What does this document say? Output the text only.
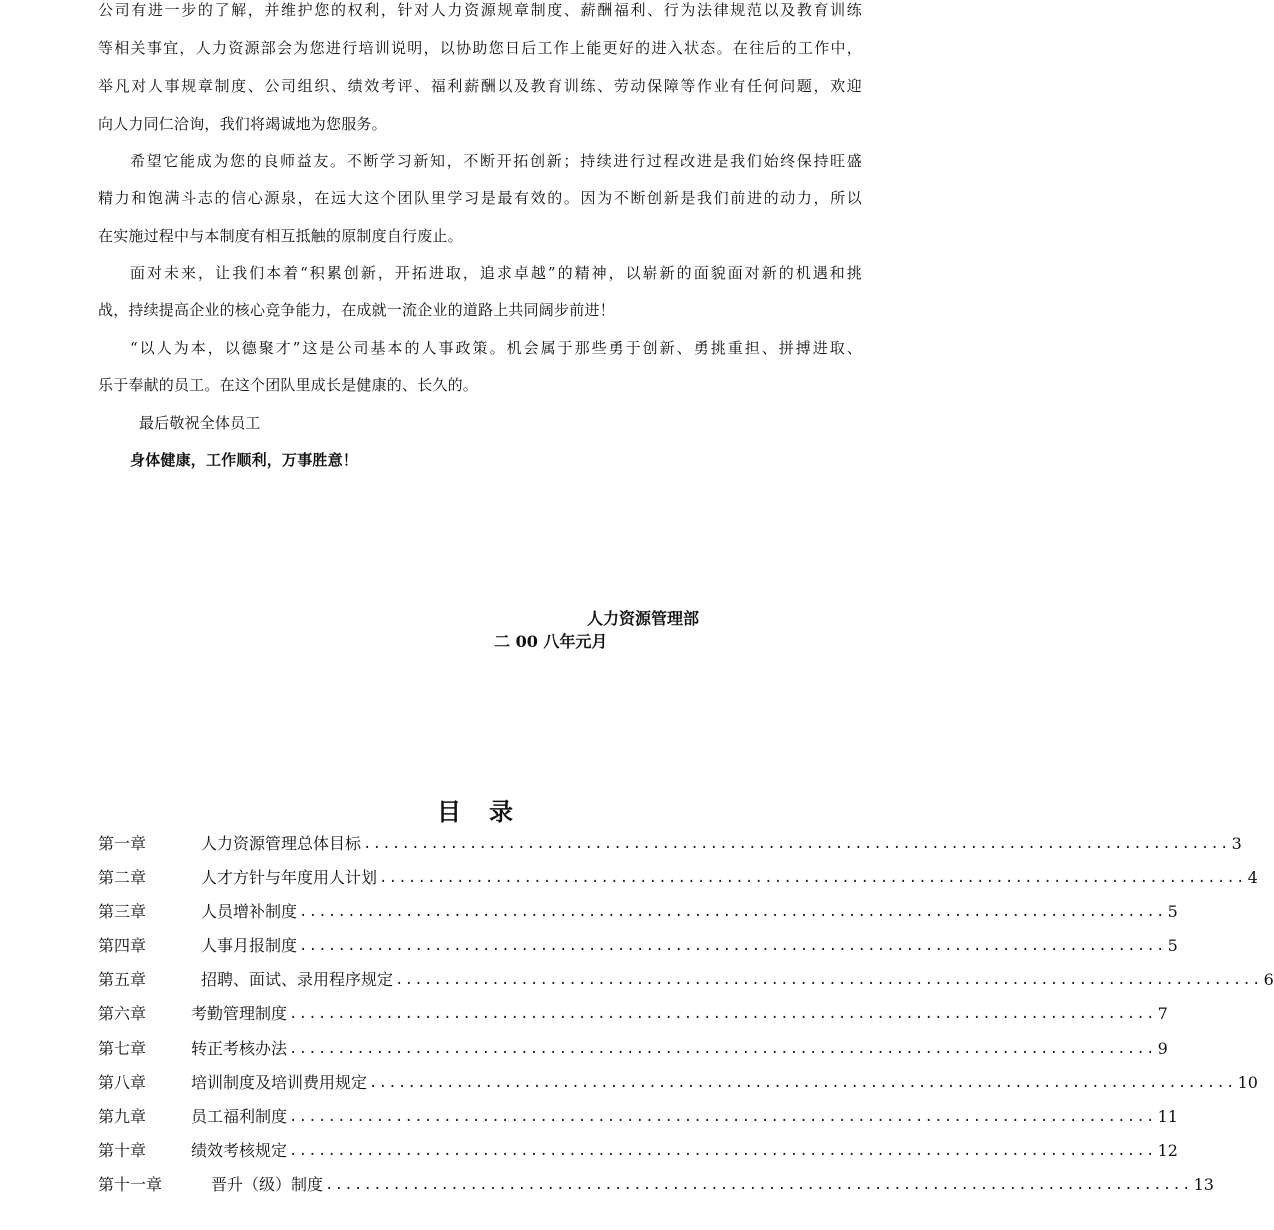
公司有进一步的了解，并维护您的权利，针对人力资源规章制度、薪酬福利、行为法律规范以及教育训练
等相关事宜，人力资源部会为您进行培训说明，以协助您日后工作上能更好的进入状态。在往后的工作中，
举凡对人事规章制度、公司组织、绩效考评、福利薪酬以及教育训练、劳动保障等作业有任何问题，欢迎
向人力同仁洽询，我们将竭诚地为您服务。
希望它能成为您的良师益友。不断学习新知，不断开拓创新；持续进行过程改进是我们始终保持旺盛
精力和饱满斗志的信心源泉，在远大这个团队里学习是最有效的。因为不断创新是我们前进的动力，所以
在实施过程中与本制度有相互抵触的原制度自行废止。
面对未来，让我们本着“积累创新，开拓进取，追求卓越”的精神，以崭新的面貌面对新的机遇和挑
战，持续提高企业的核心竞争能力，在成就一流企业的道路上共同阔步前进！
“以人为本，以德聚才”这是公司基本的人事政策。机会属于那些勇于创新、勇挑重担、拼搏进取、
乐于奉献的员工。在这个团队里成长是健康的、长久的。
最后敬祝全体员工
身体健康，工作顺利，万事胜意！
人力资源管理部
二 00 八年元月
目录
第一章	人力资源管理总体目标 .......................................................................................... 3
第二章	人才方针与年度用人计划 .......................................................................................... 4
第三章	人员增补制度 .......................................................................................... 5
第四章	人事月报制度 .......................................................................................... 5
第五章	招聘、面试、录用程序规定 .......................................................................................... 6
第六章	考勤管理制度 .......................................................................................... 7
第七章	转正考核办法 .......................................................................................... 9
第八章	培训制度及培训费用规定 .......................................................................................... 10
第九章	员工福利制度 .......................................................................................... 11
第十章	绩效考核规定 .......................................................................................... 12
第十一章	晋升（级）制度 .......................................................................................... 13
